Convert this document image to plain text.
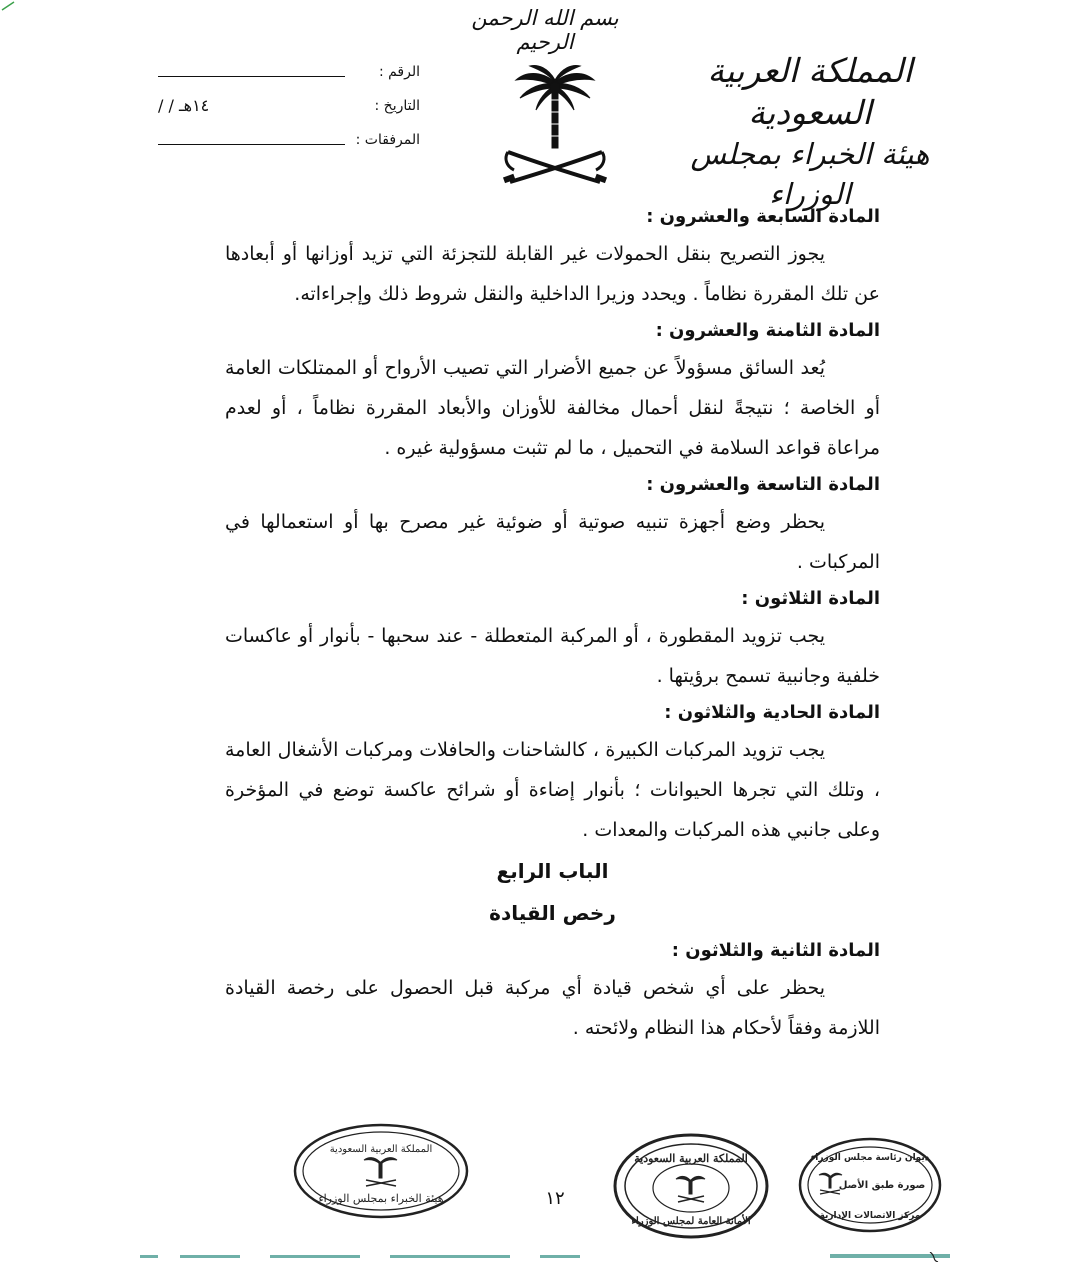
بسم الله الرحمن الرحيم
المملكة العربية السعودية
هيئة الخبراء بمجلس الوزراء
الرقم :
التاريخ :
/ / ١٤هـ
المرفقات :

المادة السابعة والعشرون :

يجوز التصريح بنقل الحمولات غير القابلة للتجزئة التي تزيد أوزانها أو أبعادها عن تلك المقررة نظاماً . ويحدد وزيرا الداخلية والنقل شروط ذلك وإجراءاته.

المادة الثامنة والعشرون :

يُعد السائق مسؤولاً عن جميع الأضرار التي تصيب الأرواح أو الممتلكات العامة أو الخاصة ؛ نتيجةً لنقل أحمال مخالفة للأوزان والأبعاد المقررة نظاماً ، أو لعدم مراعاة قواعد السلامة في التحميل ، ما لم تثبت مسؤولية غيره .

المادة التاسعة والعشرون :

يحظر وضع أجهزة تنبيه صوتية أو ضوئية غير مصرح بها أو استعمالها في المركبات .

المادة الثلاثون :

يجب تزويد المقطورة ، أو المركبة المتعطلة - عند سحبها - بأنوار أو عاكسات خلفية وجانبية تسمح برؤيتها .

المادة الحادية والثلاثون :

يجب تزويد المركبات الكبيرة ، كالشاحنات والحافلات ومركبات الأشغال العامة ، وتلك التي تجرها الحيوانات ؛ بأنوار إضاءة أو شرائح عاكسة توضع في المؤخرة وعلى جانبي هذه المركبات والمعدات .

الباب الرابع

رخص القيادة

المادة الثانية والثلاثون :

يحظر على أي شخص قيادة أي مركبة قبل الحصول على رخصة القيادة اللازمة وفقاً لأحكام هذا النظام ولائحته .

المملكة العربية السعودية
هيئة الخبراء بمجلس الوزراء
المملكة العربية السعودية
الأمانة العامة لمجلس الوزراء
١٢
ديوان رئاسة مجلس الوزراء
صورة طبق الأصل
مركز الاتصالات الإدارية
